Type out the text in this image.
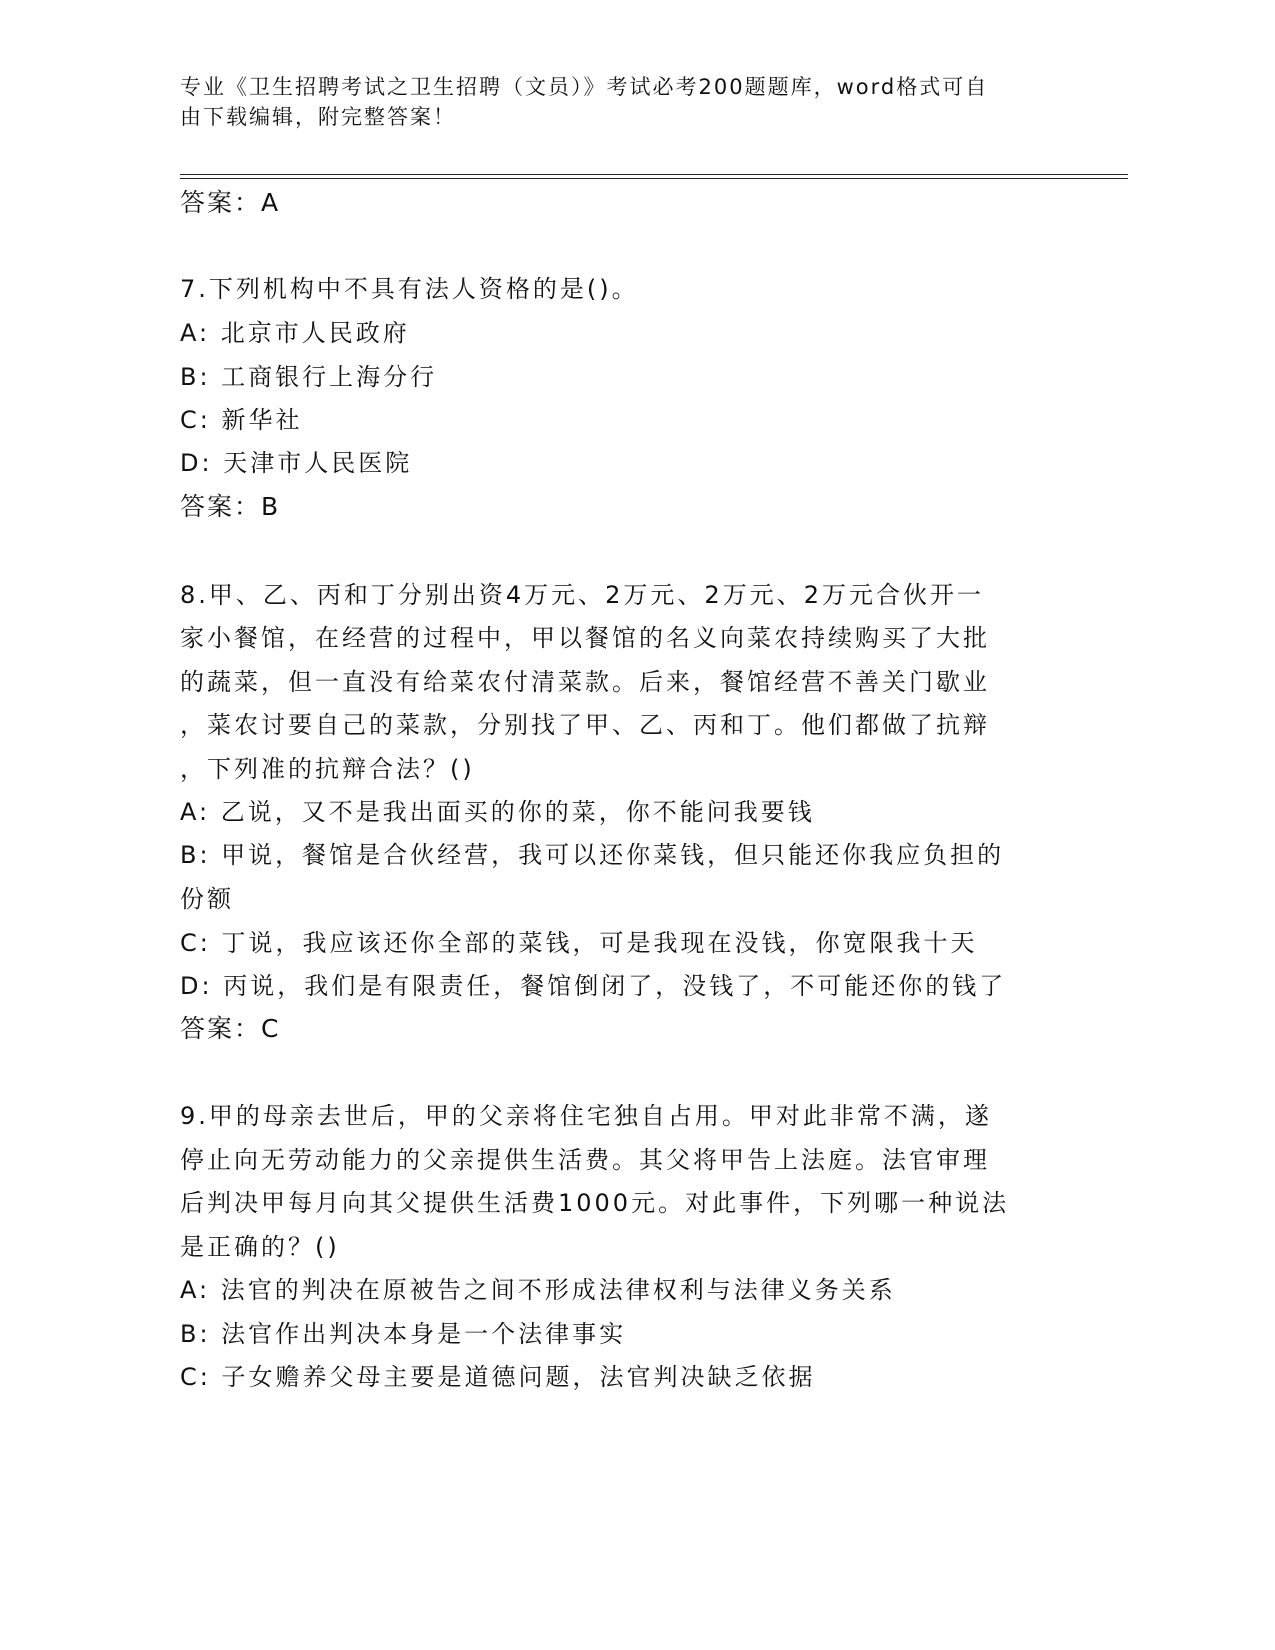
专业《卫生招聘考试之卫生招聘（文员）》考试必考200题题库，word格式可自
由下载编辑，附完整答案！
答案：A
7.下列机构中不具有法人资格的是()。
A: 北京市人民政府
B: 工商银行上海分行
C: 新华社
D: 天津市人民医院
答案：B
8.甲、乙、丙和丁分别出资4万元、2万元、2万元、2万元合伙开一
家小餐馆，在经营的过程中，甲以餐馆的名义向菜农持续购买了大批
的蔬菜，但一直没有给菜农付清菜款。后来，餐馆经营不善关门歇业
，菜农讨要自己的菜款，分别找了甲、乙、丙和丁。他们都做了抗辩
，下列准的抗辩合法？()
A: 乙说，又不是我出面买的你的菜，你不能问我要钱
B: 甲说，餐馆是合伙经营，我可以还你菜钱，但只能还你我应负担的
份额
C: 丁说，我应该还你全部的菜钱，可是我现在没钱，你宽限我十天
D: 丙说，我们是有限责任，餐馆倒闭了，没钱了，不可能还你的钱了
答案：C
9.甲的母亲去世后，甲的父亲将住宅独自占用。甲对此非常不满，遂
停止向无劳动能力的父亲提供生活费。其父将甲告上法庭。法官审理
后判决甲每月向其父提供生活费1000元。对此事件，下列哪一种说法
是正确的？()
A: 法官的判决在原被告之间不形成法律权利与法律义务关系
B: 法官作出判决本身是一个法律事实
C: 子女赡养父母主要是道德问题，法官判决缺乏依据
